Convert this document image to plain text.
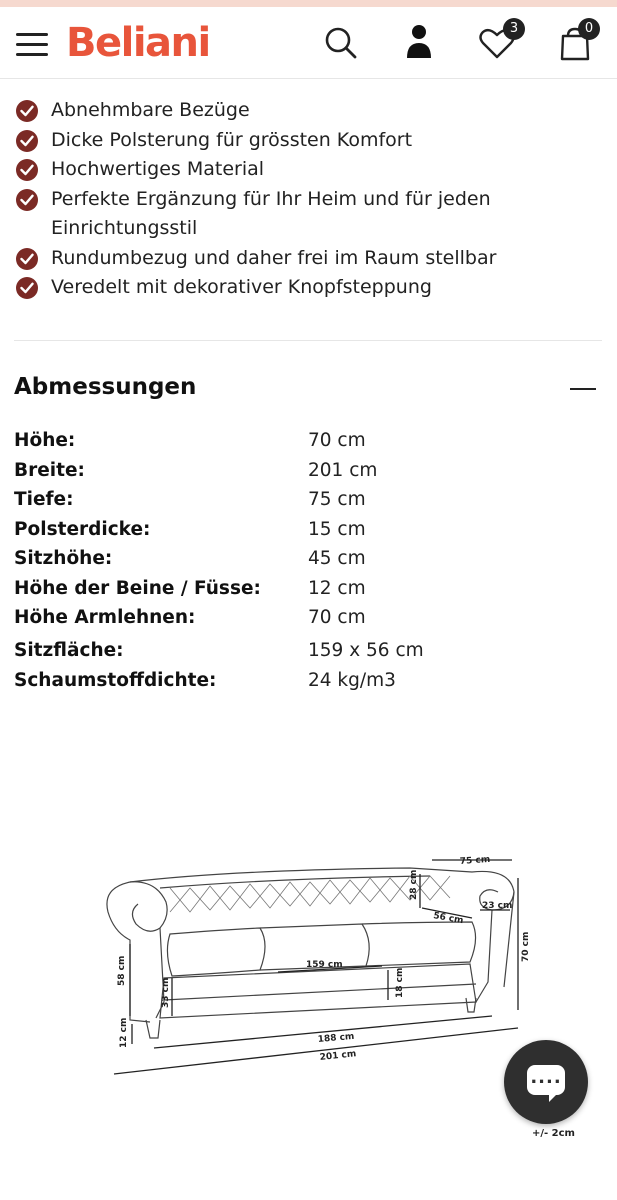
Beliani	3	0
Abnehmbare Bezüge
Dicke Polsterung für grössten Komfort
Hochwertiges Material
Perfekte Ergänzung für Ihr Heim und für jeden Einrichtungsstil
Rundumbezug und daher frei im Raum stellbar
Veredelt mit dekorativer Knopfsteppung
Abmessungen
Höhe:	70 cm
Breite:	201 cm
Tiefe:	75 cm
Polsterdicke:	15 cm
Sitzhöhe:	45 cm
Höhe der Beine / Füsse:	12 cm
Höhe Armlehnen:	70 cm
Sitzfläche:	159 x 56 cm
Schaumstoffdichte:	24 kg/m3
75 cm
28 cm
56 cm
23 cm
70 cm
159 cm
58 cm
33 cm	18 cm
12 cm	188 cm
201 cm
....
+/- 2cm
